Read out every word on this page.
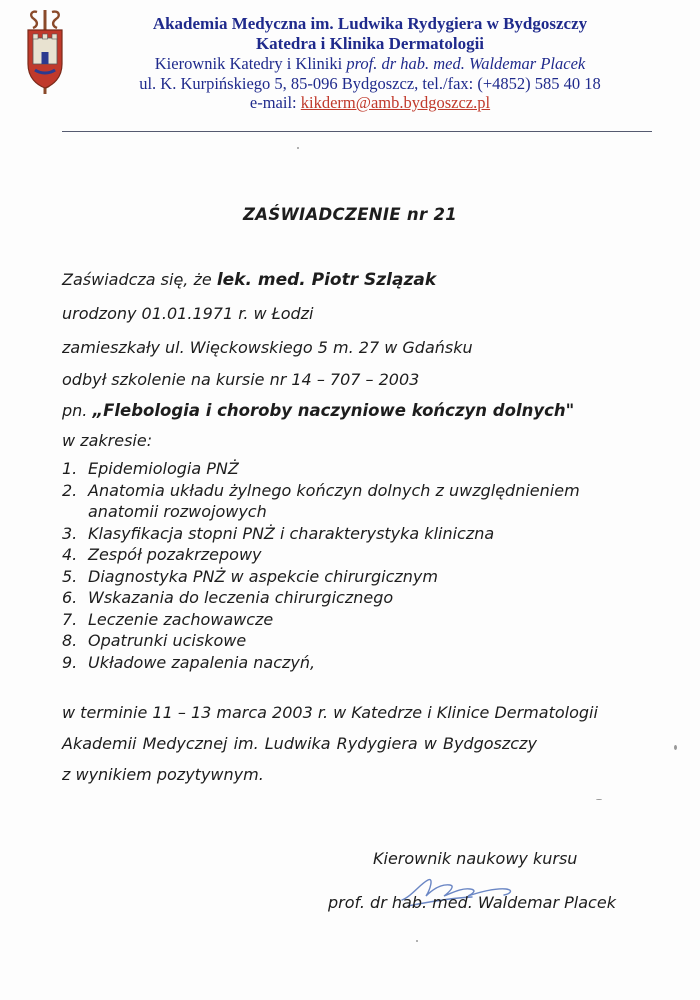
Akademia Medyczna im. Ludwika Rydygiera w Bydgoszczy
Katedra i Klinika Dermatologii
Kierownik Katedry i Kliniki prof. dr hab. med. Waldemar Placek
ul. K. Kurpińskiego 5, 85-096 Bydgoszcz, tel./fax: (+4852) 585 40 18
e-mail: kikderm@amb.bydgoszcz.pl
ZAŚWIADCZENIE nr 21
Zaświadcza się, że lek. med. Piotr Szlązak
urodzony 01.01.1971 r. w Łodzi
zamieszkały ul. Więckowskiego 5 m. 27 w Gdańsku
odbył szkolenie na kursie nr 14 – 707 – 2003
pn. „Flebologia i choroby naczyniowe kończyn dolnych"
w zakresie:
1. Epidemiologia PNŻ
2. Anatomia układu żylnego kończyn dolnych z uwzględnieniem
anatomii rozwojowych
3. Klasyfikacja stopni PNŻ i charakterystyka kliniczna
4. Zespół pozakrzepowy
5. Diagnostyka PNŻ w aspekcie chirurgicznym
6. Wskazania do leczenia chirurgicznego
7. Leczenie zachowawcze
8. Opatrunki uciskowe
9. Układowe zapalenia naczyń,
w terminie 11 – 13 marca 2003 r. w Katedrze i Klinice Dermatologii
Akademii Medycznej im. Ludwika Rydygiera w Bydgoszczy
z wynikiem pozytywnym.
Kierownik naukowy kursu
prof. dr hab. med. Waldemar Placek
